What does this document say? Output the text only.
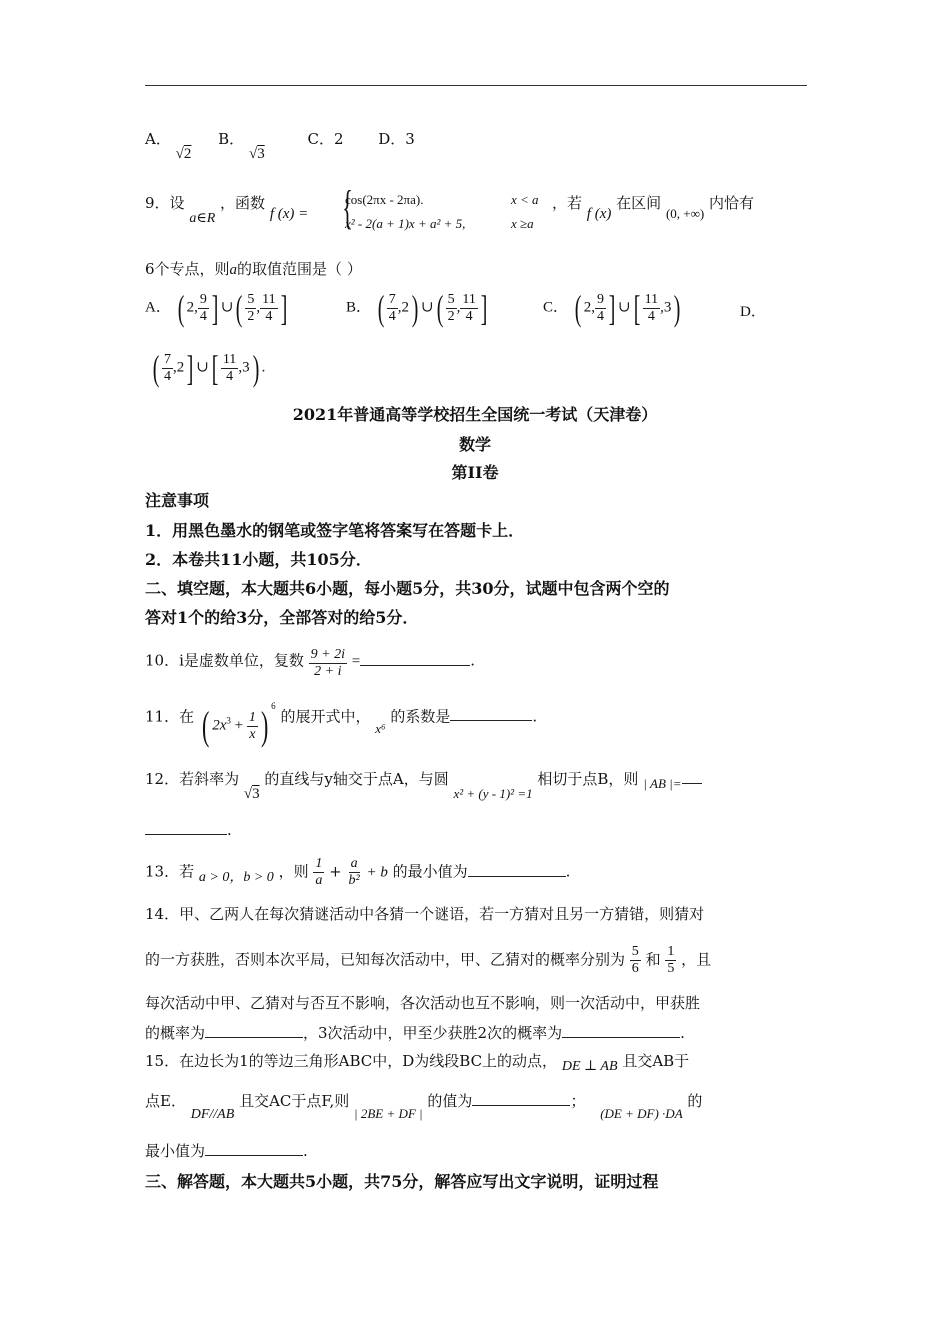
A． √2 B． √3 C．2 D．3
9．设 a∈R ，函数 f (x) = {
cos(2πx - 2πa).	x < a
x² - 2(a + 1)x + a² + 5,	x ≥a
，若 f (x) 在区间 (0, +∞) 内恰有
6个专点，则a的取值范围是（ ）
A． ( 2, $\frac{9}{4}$ ] ∪( $\frac{5}{2}$ , $\frac{11}{4}$ ]	B． ( $\frac{7}{4} ,2$) ∪( $\frac{5}{2}$ , $\frac{11}{4}$ ]	C． ( 2, $\frac{9}{4}$ ] ∪[ $\frac{11}{4} ,3$)	D．
( $\frac{7}{4} ,2$] ∪[ $\frac{11}{4} ,3$) .
2021年普通高等学校招生全国统一考试（天津卷）
数学
第II卷
注意事项
1．用黑色墨水的钢笔或签字笔将答案写在答题卡上．
2．本卷共11小题，共105分．
二、填空题，本大题共6小题，每小题5分，共30分，试题中包含两个空的
答对1个的给3分，全部答对的给5分．
10．i是虚数单位，复数 $\frac{9 + 2i}{2 + i}$ =	.
11．在 ( $2x^3 + \frac{1}{x}$ ) $^6$ 的展开式中， x⁶ 的系数是	.
12．若斜率为 √3 的直线与y轴交于点A，与圆 x² + (y - 1)² =1 相切于点B，则 | AB |=
.
13．若 a > 0，b > 0 ，则 $\frac{1}{a} + \frac{a}{\text{b²}} + b$ 的最小值为	.
14．甲、乙两人在每次猜谜活动中各猜一个谜语，若一方猜对且另一方猜错，则猜对
的一方获胜，否则本次平局，已知每次活动中，甲、乙猜对的概率分别为 $\frac{5}{6}$ 和 $\frac{1}{5}$ ，且
每次活动中甲、乙猜对与否互不影响，各次活动也互不影响，则一次活动中，甲获胜
的概率为	，3次活动中，甲至少获胜2次的概率为	.
15．在边长为1的等边三角形ABC中，D为线段BC上的动点， DE ⊥ AB 且交AB于
点E． DF//AB 且交AC于点F,则 | 2BE + DF | 的值为	； (DE + DF) ·DA 的
最小值为	.
三、解答题，本大题共5小题，共75分，解答应写出文字说明，证明过程
